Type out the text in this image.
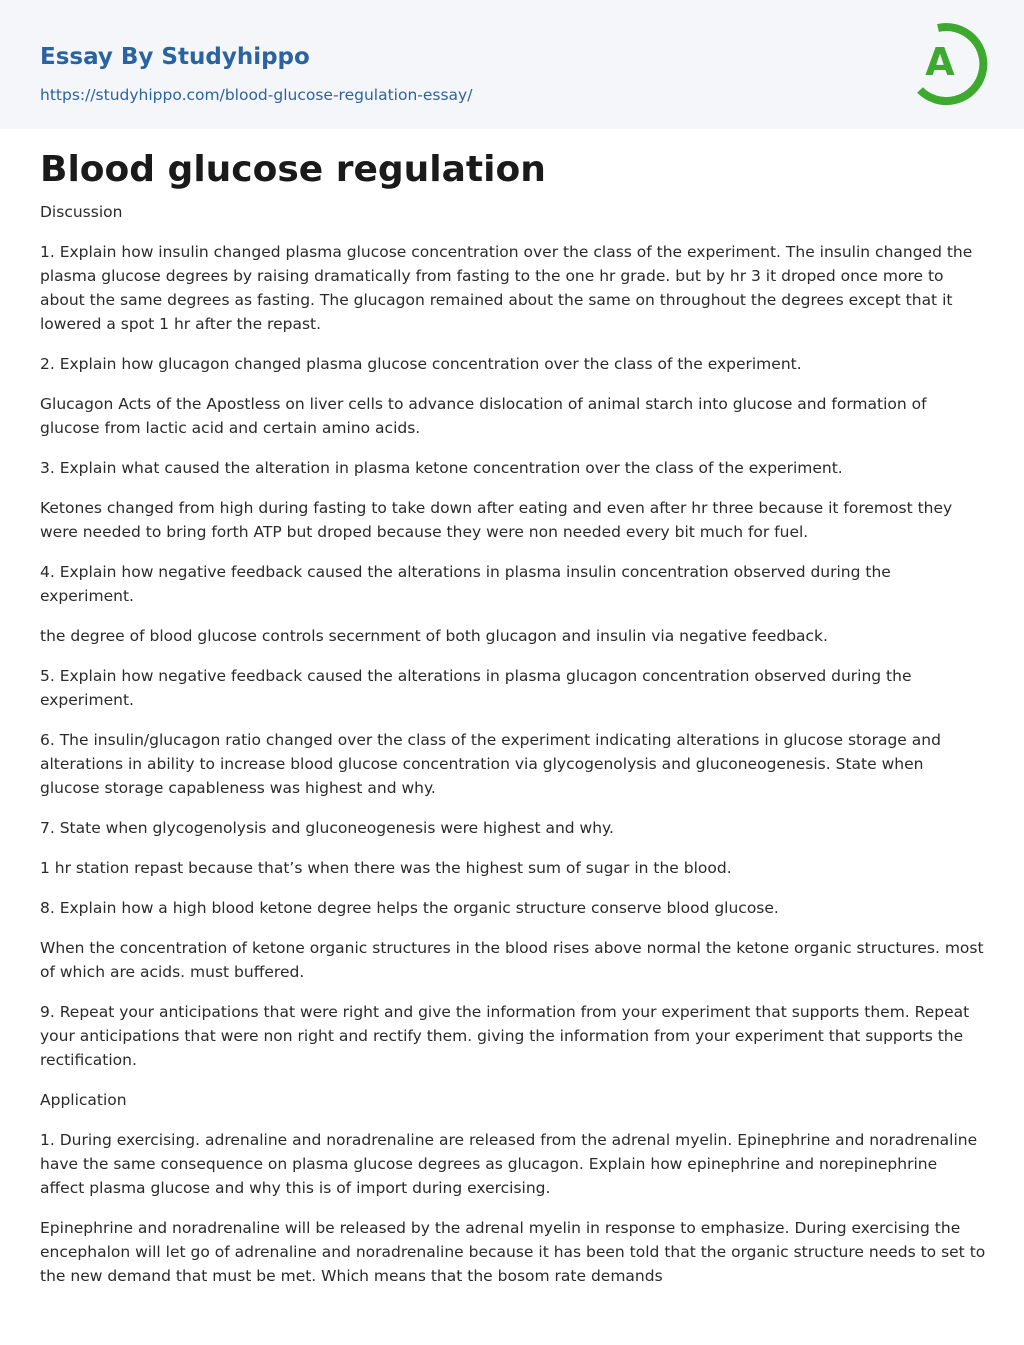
Essay By Studyhippo
https://studyhippo.com/blood-glucose-regulation-essay/
A
Blood glucose regulation

Discussion

1. Explain how insulin changed plasma glucose concentration over the class of the experiment. The insulin changed the plasma glucose degrees by raising dramatically from fasting to the one hr grade. but by hr 3 it droped once more to about the same degrees as fasting. The glucagon remained about the same on throughout the degrees except that it lowered a spot 1 hr after the repast.

2. Explain how glucagon changed plasma glucose concentration over the class of the experiment.

Glucagon Acts of the Apostless on liver cells to advance dislocation of animal starch into glucose and formation of glucose from lactic acid and certain amino acids.

3. Explain what caused the alteration in plasma ketone concentration over the class of the experiment.

Ketones changed from high during fasting to take down after eating and even after hr three because it foremost they were needed to bring forth ATP but droped because they were non needed every bit much for fuel.

4. Explain how negative feedback caused the alterations in plasma insulin concentration observed during the experiment.

the degree of blood glucose controls secernment of both glucagon and insulin via negative feedback.

5. Explain how negative feedback caused the alterations in plasma glucagon concentration observed during the experiment.

6. The insulin/glucagon ratio changed over the class of the experiment indicating alterations in glucose storage and alterations in ability to increase blood glucose concentration via glycogenolysis and gluconeogenesis. State when glucose storage capableness was highest and why.

7. State when glycogenolysis and gluconeogenesis were highest and why.

1 hr station repast because that’s when there was the highest sum of sugar in the blood.

8. Explain how a high blood ketone degree helps the organic structure conserve blood glucose.

When the concentration of ketone organic structures in the blood rises above normal the ketone organic structures. most of which are acids. must buffered.

9. Repeat your anticipations that were right and give the information from your experiment that supports them. Repeat your anticipations that were non right and rectify them. giving the information from your experiment that supports the rectification.

Application

1. During exercising. adrenaline and noradrenaline are released from the adrenal myelin. Epinephrine and noradrenaline have the same consequence on plasma glucose degrees as glucagon. Explain how epinephrine and norepinephrine affect plasma glucose and why this is of import during exercising.

Epinephrine and noradrenaline will be released by the adrenal myelin in response to emphasize. During exercising the encephalon will let go of adrenaline and noradrenaline because it has been told that the organic structure needs to set to the new demand that must be met. Which means that the bosom rate demands
